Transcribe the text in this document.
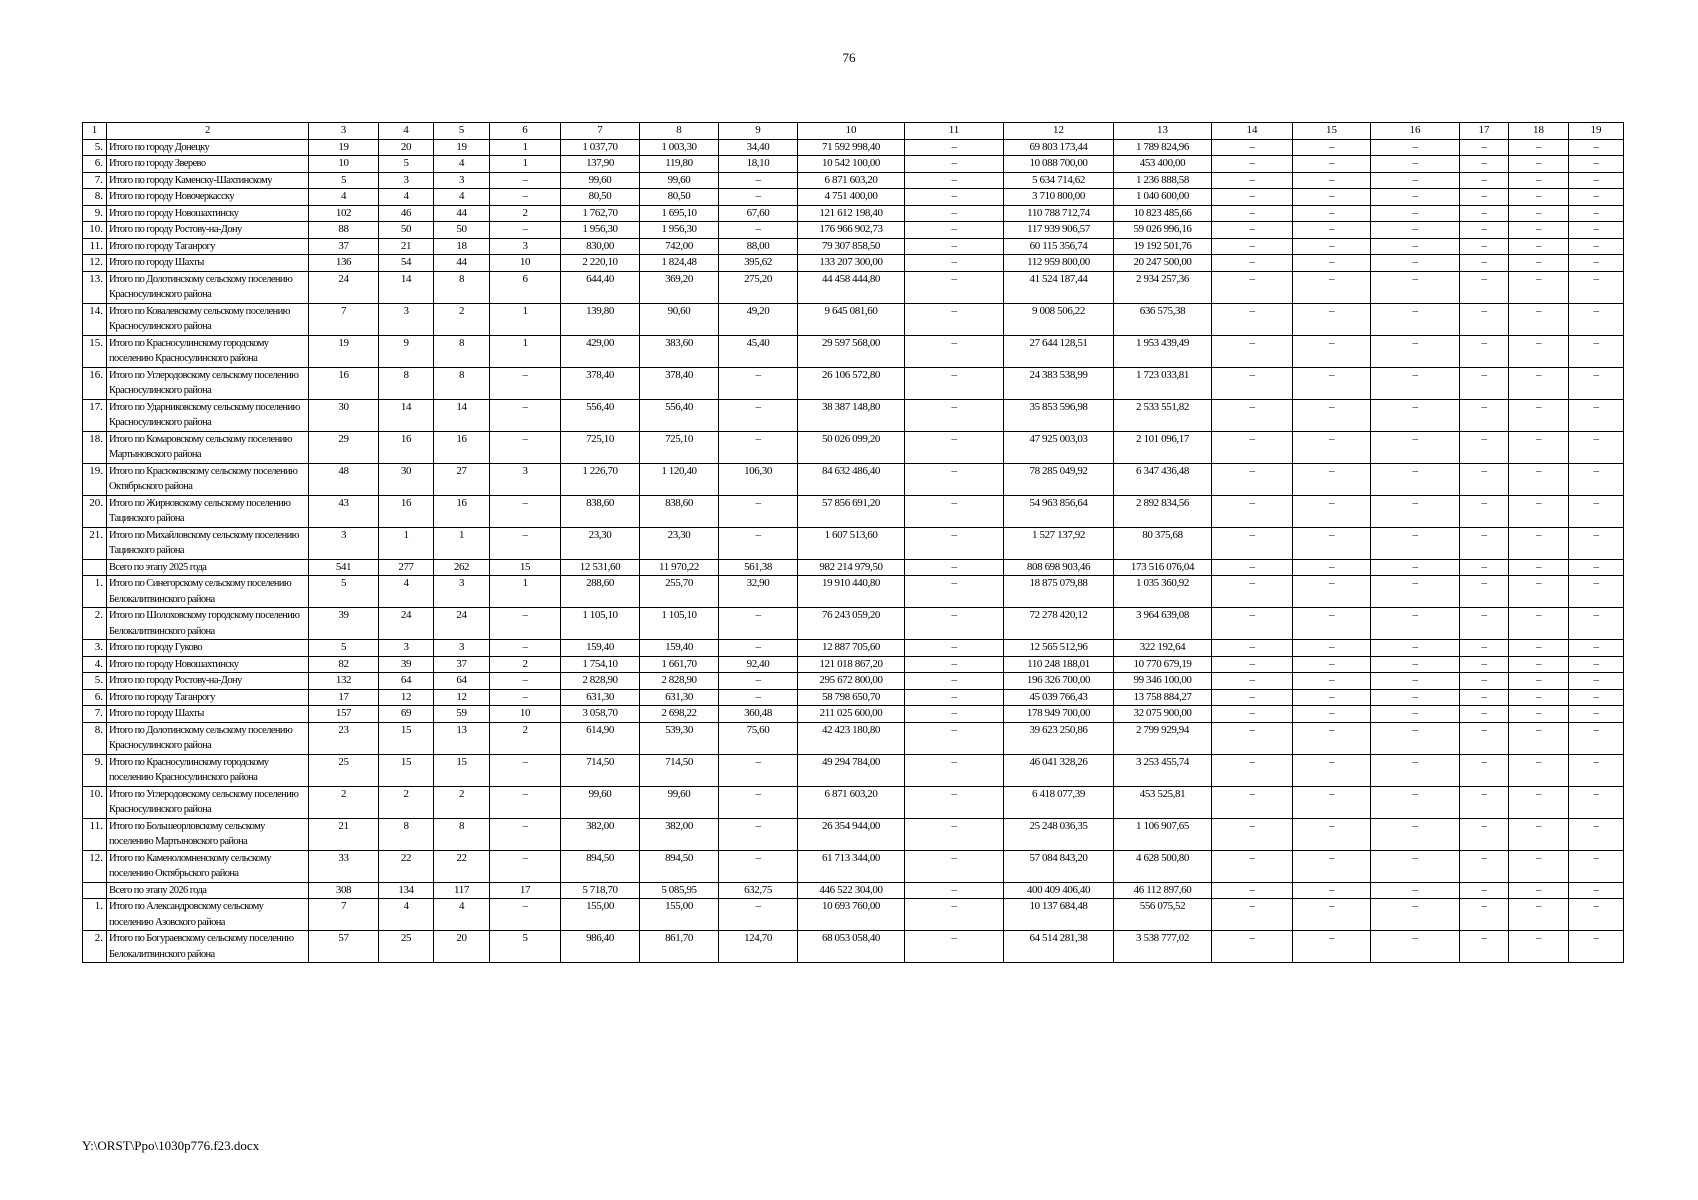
76
1	2	3	4	5	6	7	8	9	10	11	12	13	14	15	16	17	18	19
5.	Итого по городу Донецку	19	20	19	1	1 037,70	1 003,30	34,40	71 592 998,40	–	69 803 173,44	1 789 824,96	–	–	–	–	–	–
6.	Итого по городу Зверево	10	5	4	1	137,90	119,80	18,10	10 542 100,00	–	10 088 700,00	453 400,00	–	–	–	–	–	–
7.	Итого по городу Каменску-Шахтинскому	5	3	3	–	99,60	99,60	–	6 871 603,20	–	5 634 714,62	1 236 888,58	–	–	–	–	–	–
8.	Итого по городу Новочеркасску	4	4	4	–	80,50	80,50	–	4 751 400,00	–	3 710 800,00	1 040 600,00	–	–	–	–	–	–
9.	Итого по городу Новошахтинску	102	46	44	2	1 762,70	1 695,10	67,60	121 612 198,40	–	110 788 712,74	10 823 485,66	–	–	–	–	–	–
10.	Итого по городу Ростову-на-Дону	88	50	50	–	1 956,30	1 956,30	–	176 966 902,73	–	117 939 906,57	59 026 996,16	–	–	–	–	–	–
11.	Итого по городу Таганрогу	37	21	18	3	830,00	742,00	88,00	79 307 858,50	–	60 115 356,74	19 192 501,76	–	–	–	–	–	–
12.	Итого по городу Шахты	136	54	44	10	2 220,10	1 824,48	395,62	133 207 300,00	–	112 959 800,00	20 247 500,00	–	–	–	–	–	–
13.	Итого по Долотинскому сельскому поселению Красносулинского района	24	14	8	6	644,40	369,20	275,20	44 458 444,80	–	41 524 187,44	2 934 257,36	–	–	–	–	–	–
14.	Итого по Ковалевскому сельскому поселению Красносулинского района	7	3	2	1	139,80	90,60	49,20	9 645 081,60	–	9 008 506,22	636 575,38	–	–	–	–	–	–
15.	Итого по Красносулинскому городскому поселению Красносулинского района	19	9	8	1	429,00	383,60	45,40	29 597 568,00	–	27 644 128,51	1 953 439,49	–	–	–	–	–	–
16.	Итого по Углеродовскому сельскому поселению Красносулинского района	16	8	8	–	378,40	378,40	–	26 106 572,80	–	24 383 538,99	1 723 033,81	–	–	–	–	–	–
17.	Итого по Ударниковскому сельскому поселению Красносулинского района	30	14	14	–	556,40	556,40	–	38 387 148,80	–	35 853 596,98	2 533 551,82	–	–	–	–	–	–
18.	Итого по Комаровскому сельскому поселению Мартыновского района	29	16	16	–	725,10	725,10	–	50 026 099,20	–	47 925 003,03	2 101 096,17	–	–	–	–	–	–
19.	Итого по Красюковскому сельскому поселению Октябрьского района	48	30	27	3	1 226,70	1 120,40	106,30	84 632 486,40	–	78 285 049,92	6 347 436,48	–	–	–	–	–	–
20.	Итого по Жирновскому сельскому поселению Тацинского района	43	16	16	–	838,60	838,60	–	57 856 691,20	–	54 963 856,64	2 892 834,56	–	–	–	–	–	–
21.	Итого по Михайловскому сельскому поселению Тацинского района	3	1	1	–	23,30	23,30	–	1 607 513,60	–	1 527 137,92	80 375,68	–	–	–	–	–	–
	Всего по этапу 2025 года	541	277	262	15	12 531,60	11 970,22	561,38	982 214 979,50	–	808 698 903,46	173 516 076,04	–	–	–	–	–	–
1.	Итого по Синегорскому сельскому поселению Белокалитвинского района	5	4	3	1	288,60	255,70	32,90	19 910 440,80	–	18 875 079,88	1 035 360,92	–	–	–	–	–	–
2.	Итого по Шолоховскому городскому поселению Белокалитвинского района	39	24	24	–	1 105,10	1 105,10	–	76 243 059,20	–	72 278 420,12	3 964 639,08	–	–	–	–	–	–
3.	Итого по городу Гуково	5	3	3	–	159,40	159,40	–	12 887 705,60	–	12 565 512,96	322 192,64	–	–	–	–	–	–
4.	Итого по городу Новошахтинску	82	39	37	2	1 754,10	1 661,70	92,40	121 018 867,20	–	110 248 188,01	10 770 679,19	–	–	–	–	–	–
5.	Итого по городу Ростову-на-Дону	132	64	64	–	2 828,90	2 828,90	–	295 672 800,00	–	196 326 700,00	99 346 100,00	–	–	–	–	–	–
6.	Итого по городу Таганрогу	17	12	12	–	631,30	631,30	–	58 798 650,70	–	45 039 766,43	13 758 884,27	–	–	–	–	–	–
7.	Итого по городу Шахты	157	69	59	10	3 058,70	2 698,22	360,48	211 025 600,00	–	178 949 700,00	32 075 900,00	–	–	–	–	–	–
8.	Итого по Долотинскому сельскому поселению Красносулинского района	23	15	13	2	614,90	539,30	75,60	42 423 180,80	–	39 623 250,86	2 799 929,94	–	–	–	–	–	–
9.	Итого по Красносулинскому городскому поселению Красносулинского района	25	15	15	–	714,50	714,50	–	49 294 784,00	–	46 041 328,26	3 253 455,74	–	–	–	–	–	–
10.	Итого по Углеродовскому сельскому поселению Красносулинского района	2	2	2	–	99,60	99,60	–	6 871 603,20	–	6 418 077,39	453 525,81	–	–	–	–	–	–
11.	Итого по Большеорловскому сельскому поселению Мартыновского района	21	8	8	–	382,00	382,00	–	26 354 944,00	–	25 248 036,35	1 106 907,65	–	–	–	–	–	–
12.	Итого по Каменоломненскому сельскому поселению Октябрьского района	33	22	22	–	894,50	894,50	–	61 713 344,00	–	57 084 843,20	4 628 500,80	–	–	–	–	–	–
	Всего по этапу 2026 года	308	134	117	17	5 718,70	5 085,95	632,75	446 522 304,00	–	400 409 406,40	46 112 897,60	–	–	–	–	–	–
1.	Итого по Александровскому сельскому поселению Азовского района	7	4	4	–	155,00	155,00	–	10 693 760,00	–	10 137 684,48	556 075,52	–	–	–	–	–	–
2.	Итого по Богураевскому сельскому поселению Белокалитвинского района	57	25	20	5	986,40	861,70	124,70	68 053 058,40	–	64 514 281,38	3 538 777,02	–	–	–	–	–	–
Y:\ORST\Ppo\1030p776.f23.docx
